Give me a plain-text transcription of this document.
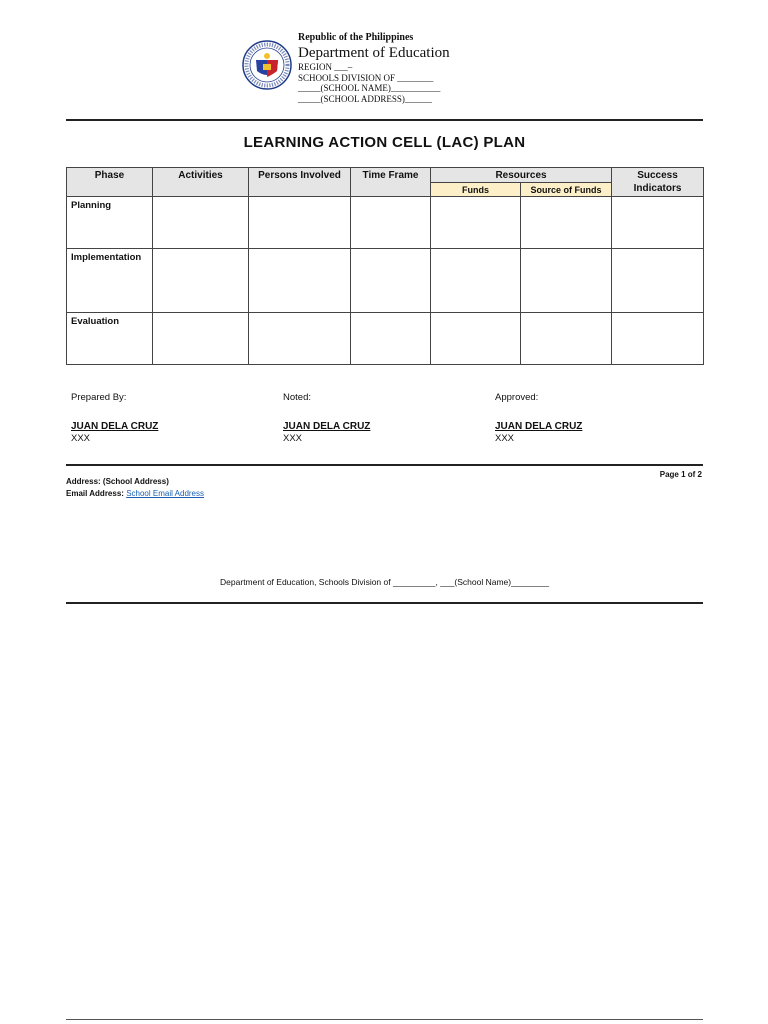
Republic of the Philippines
Department of Education
REGION ___–
SCHOOLS DIVISION OF ________
_____(SCHOOL NAME)___________
_____(SCHOOL ADDRESS)______
LEARNING ACTION CELL (LAC) PLAN
Phase	Activities	Persons Involved	Time Frame	Resources		Success Indicators
				Funds	Source of Funds	
Planning						
Implementation						
Evaluation						
Prepared By:
JUAN DELA CRUZ
XXX
Noted:
JUAN DELA CRUZ
XXX
Approved:
JUAN DELA CRUZ
XXX
Address: (School Address)
Email Address: School Email Address
Page 1 of 2
Department of Education, Schools Division of _________, ___(School Name)________
